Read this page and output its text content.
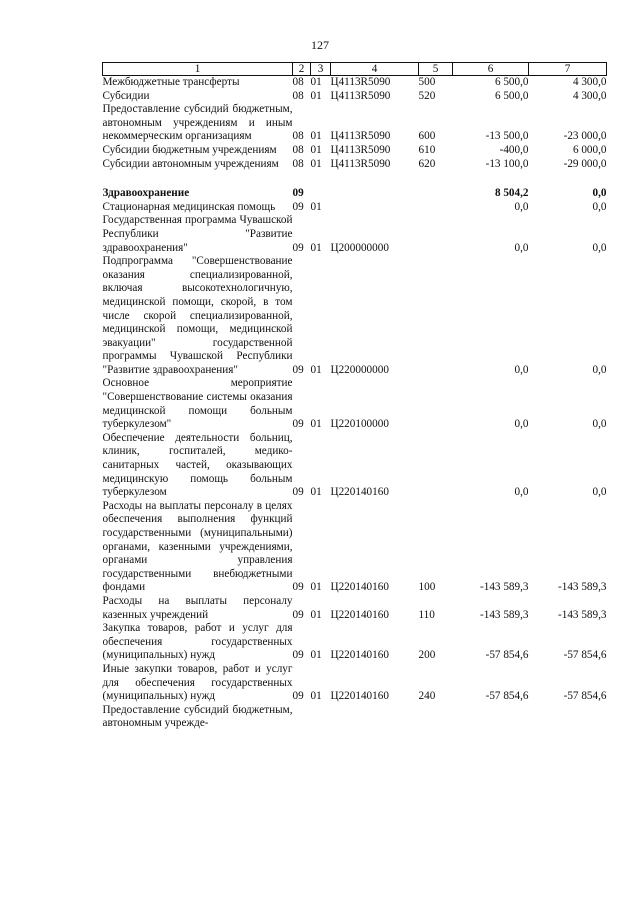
127
1	2	3	4	5	6	7
Межбюджетные трансферты	08	01	Ц4113R5090	500	6 500,0	4 300,0
Субсидии	08	01	Ц4113R5090	520	6 500,0	4 300,0
Предоставление субсидий бюджетным, автономным учреждениям и иным некоммерческим организациям	08	01	Ц4113R5090	600	-13 500,0	-23 000,0
Субсидии бюджетным учреждениям	08	01	Ц4113R5090	610	-400,0	6 000,0
Субсидии автономным учреждениям	08	01	Ц4113R5090	620	-13 100,0	-29 000,0

Здравоохранение	09				8 504,2	0,0
Стационарная медицинская помощь	09	01			0,0	0,0
Государственная программа Чувашской Республики "Развитие здравоохранения"	09	01	Ц200000000		0,0	0,0
Подпрограмма "Совершенствование оказания специализированной, включая высокотехнологичную, медицинской помощи, скорой, в том числе скорой специализированной, медицинской помощи, медицинской эвакуации" государственной программы Чувашской Республики "Развитие здравоохранения"	09	01	Ц220000000		0,0	0,0
Основное мероприятие "Совершенствование системы оказания медицинской помощи больным туберкулезом"	09	01	Ц220100000		0,0	0,0
Обеспечение деятельности больниц, клиник, госпиталей, медико-санитарных частей, оказывающих медицинскую помощь больным туберкулезом	09	01	Ц220140160		0,0	0,0
Расходы на выплаты персоналу в целях обеспечения выполнения функций государственными (муниципальными) органами, казенными учреждениями, органами управления государственными внебюджетными фондами	09	01	Ц220140160	100	-143 589,3	-143 589,3
Расходы на выплаты персоналу казенных учреждений	09	01	Ц220140160	110	-143 589,3	-143 589,3
Закупка товаров, работ и услуг для обеспечения государственных (муниципальных) нужд	09	01	Ц220140160	200	-57 854,6	-57 854,6
Иные закупки товаров, работ и услуг для обеспечения государственных (муниципальных) нужд	09	01	Ц220140160	240	-57 854,6	-57 854,6
Предоставление субсидий бюджетным, автономным учрежде-						
